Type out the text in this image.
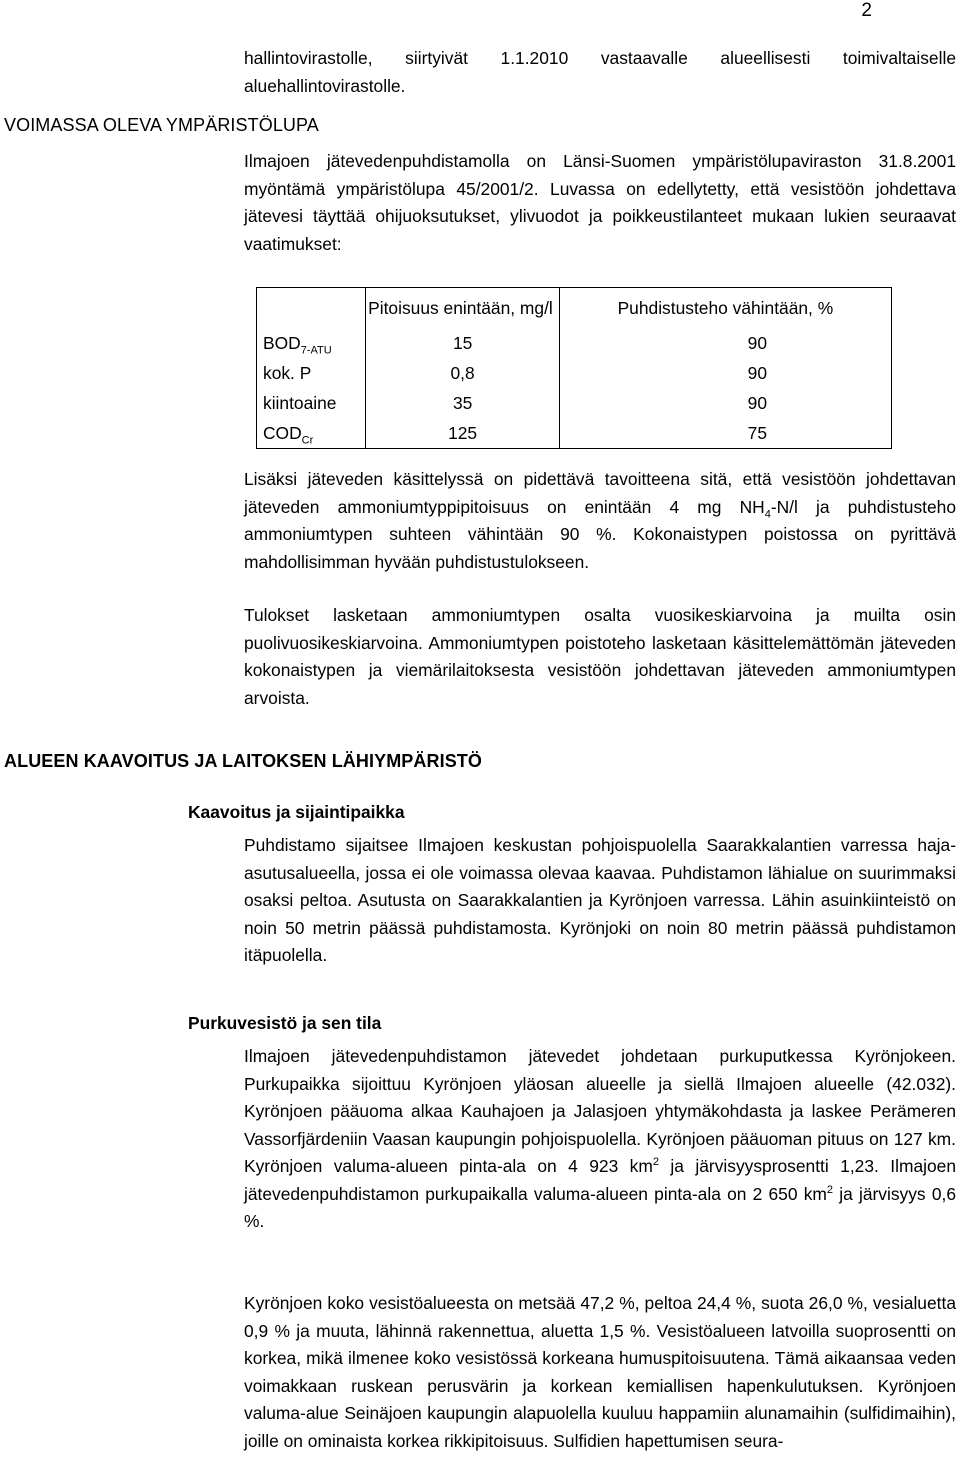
2

hallintovirastolle, siirtyivät 1.1.2010 vastaavalle alueellisesti toimivaltaiselle aluehallintovirastolle.

VOIMASSA OLEVA YMPÄRISTÖLUPA

Ilmajoen jätevedenpuhdistamolla on Länsi-Suomen ympäristölupaviraston 31.8.2001 myöntämä ympäristölupa 45/2001/2. Luvassa on edellytetty, että vesistöön johdettava jätevesi täyttää ohijuoksutukset, ylivuodot ja poikkeustilanteet mukaan lukien seuraavat vaatimukset:

	Pitoisuus enintään, mg/l	Puhdistusteho vähintään, %
$BOD_{7-ATU}$	15	90
kok. P	0,8	90
kiintoaine	35	90
$COD_{Cr}$	125	75

Lisäksi jäteveden käsittelyssä on pidettävä tavoitteena sitä, että vesistöön johdettavan jäteveden ammoniumtyppipitoisuus on enintään 4 mg $NH_4-N/l$ ja puhdistusteho ammoniumtypen suhteen vähintään 90 %. Kokonaistypen poistossa on pyrittävä mahdollisimman hyvään puhdistustulokseen.

Tulokset lasketaan ammoniumtypen osalta vuosikeskiarvoina ja muilta osin puolivuosikeskiarvoina. Ammoniumtypen poistoteho lasketaan käsittelemättömän jäteveden kokonaistypen ja viemärilaitoksesta vesistöön johdettavan jäteveden ammoniumtypen arvoista.

ALUEEN KAAVOITUS JA LAITOKSEN LÄHIYMPÄRISTÖ
Kaavoitus ja sijaintipaikka

Puhdistamo sijaitsee Ilmajoen keskustan pohjoispuolella Saarakkalantien varressa haja-asutusalueella, jossa ei ole voimassa olevaa kaavaa. Puhdistamon lähialue on suurimmaksi osaksi peltoa. Asutusta on Saarakkalantien ja Kyrönjoen varressa. Lähin asuinkiinteistö on noin 50 metrin päässä puhdistamosta. Kyrönjoki on noin 80 metrin päässä puhdistamon itäpuolella.

Purkuvesistö ja sen tila

Ilmajoen jätevedenpuhdistamon jätevedet johdetaan purkuputkessa Kyrönjokeen. Purkupaikka sijoittuu Kyrönjoen yläosan alueelle ja siellä Ilmajoen alueelle (42.032). Kyrönjoen pääuoma alkaa Kauhajoen ja Jalasjoen yhtymäkohdasta ja laskee Perämeren Vassorfjärdeniin Vaasan kaupungin pohjoispuolella. Kyrönjoen pääuoman pituus on 127 km. Kyrönjoen valuma-alueen pinta-ala on 4 923 $km^2$ ja järvisyysprosentti 1,23. Ilmajoen jätevedenpuhdistamon purkupaikalla valuma-alueen pinta-ala on 2 650 $km^2$ ja järvisyys 0,6 %.

Kyrönjoen koko vesistöalueesta on metsää 47,2 %, peltoa 24,4 %, suota 26,0 %, vesialuetta 0,9 % ja muuta, lähinnä rakennettua, aluetta 1,5 %. Vesistöalueen latvoilla suoprosentti on korkea, mikä ilmenee koko vesistössä korkeana humuspitoisuutena. Tämä aikaansaa veden voimakkaan ruskean perusvärin ja korkean kemiallisen hapenkulutuksen. Kyrönjoen valuma-alue Seinäjoen kaupungin alapuolella kuuluu happamiin alunamaihin (sulfidimaihin), joille on ominaista korkea rikkipitoisuus. Sulfidien hapettumisen seura-
